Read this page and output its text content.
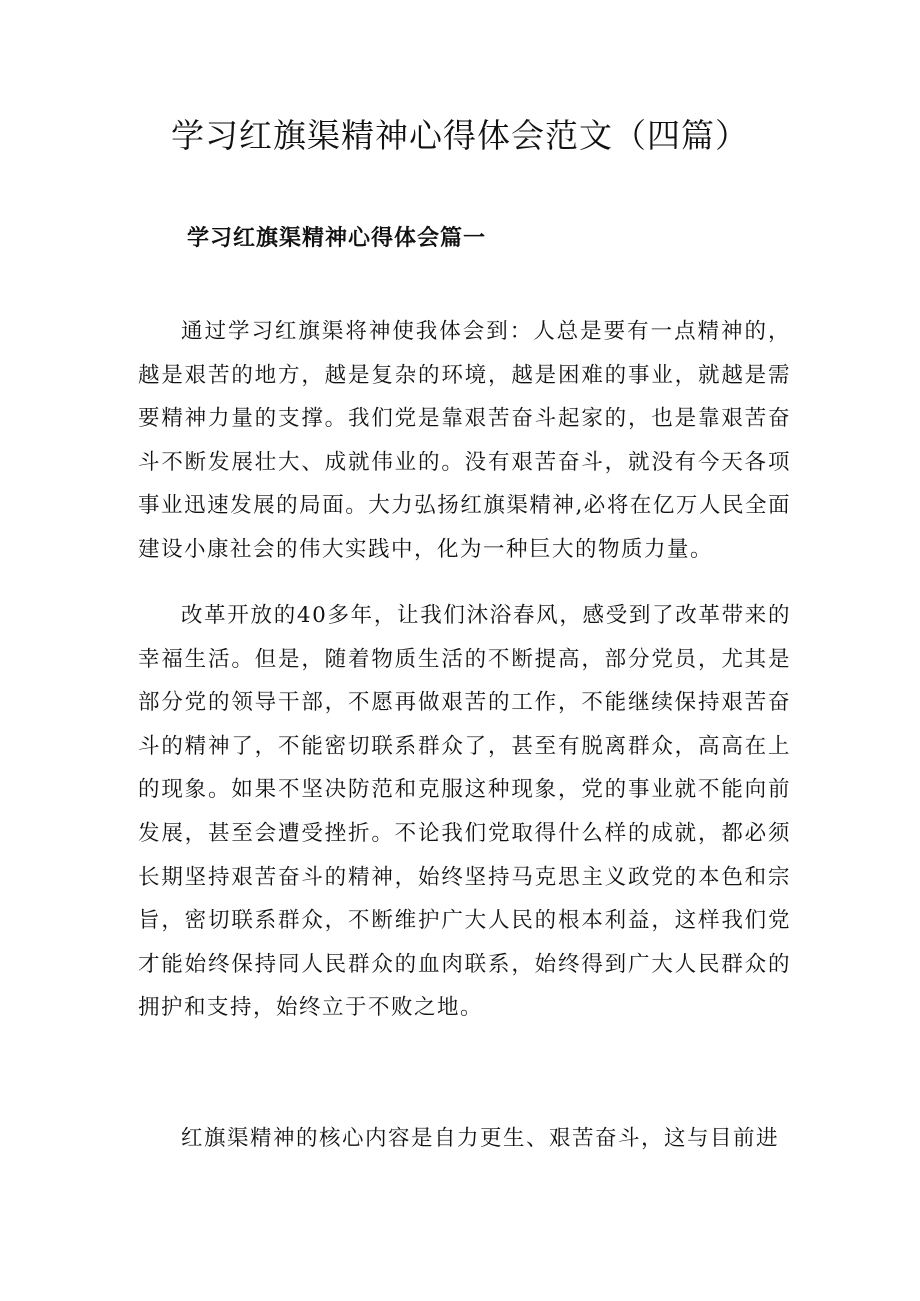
学习红旗渠精神心得体会范文（四篇）
学习红旗渠精神心得体会篇一

通过学习红旗渠将神使我体会到：人总是要有一点精神的，越是艰苦的地方，越是复杂的环境，越是困难的事业，就越是需要精神力量的支撑。我们党是靠艰苦奋斗起家的，也是靠艰苦奋斗不断发展壮大、成就伟业的。没有艰苦奋斗，就没有今天各项事业迅速发展的局面。大力弘扬红旗渠精神,必将在亿万人民全面建设小康社会的伟大实践中，化为一种巨大的物质力量。

改革开放的40多年，让我们沐浴春风，感受到了改革带来的幸福生活。但是，随着物质生活的不断提高，部分党员，尤其是部分党的领导干部，不愿再做艰苦的工作，不能继续保持艰苦奋斗的精神了，不能密切联系群众了，甚至有脱离群众，高高在上的现象。如果不坚决防范和克服这种现象，党的事业就不能向前发展，甚至会遭受挫折。不论我们党取得什么样的成就，都必须长期坚持艰苦奋斗的精神，始终坚持马克思主义政党的本色和宗旨，密切联系群众，不断维护广大人民的根本利益，这样我们党才能始终保持同人民群众的血肉联系，始终得到广大人民群众的拥护和支持，始终立于不败之地。

红旗渠精神的核心内容是自力更生、艰苦奋斗，这与目前进
